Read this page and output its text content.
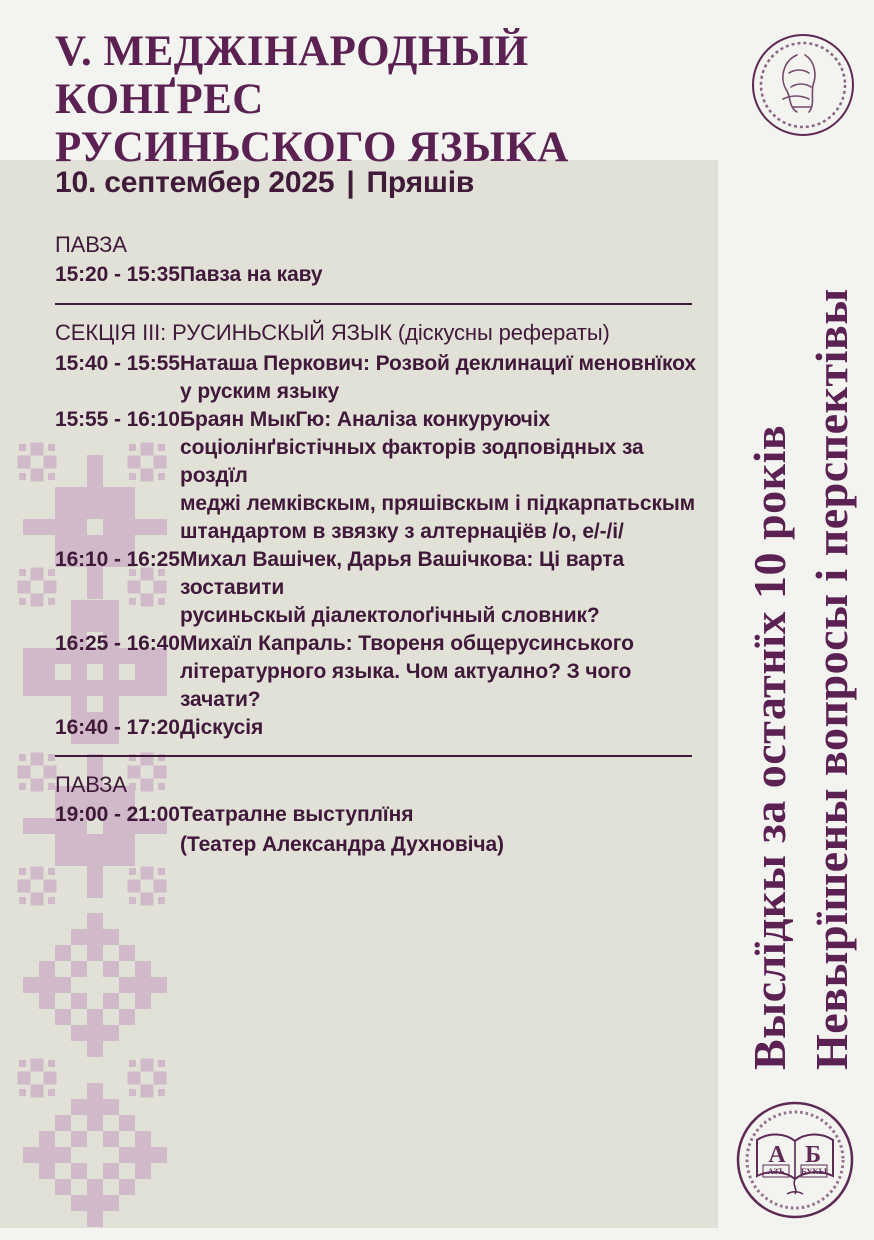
V. МЕДЖІНАРОДНЫЙ КОНҐРЕС
РУСИНЬСКОГО ЯЗЫКА
10. септембер 2025 | Пряшів
ПАВЗА
15:20 - 15:35 Павза на каву
СЕКЦІЯ III: РУСИНЬСКЫЙ ЯЗЫК (діскусны рефераты)
15:40 - 15:55 Наташа Перкович: Розвой деклинациї меновнїкох
у руским языку
15:55 - 16:10 Браян МыкГю: Аналіза конкуруючіх
соціолінґвістічных факторів зодповідных за роздїл
меджі лемківскым, пряшівскым і підкарпатьскым
штандартом в звязку з алтернаціёв /о, е/-/і/
16:10 - 16:25 Михал Вашічек, Дарья Вашічкова: Ці варта зоставити
русиньскый діалектолоґічный словник?
16:25 - 16:40 Михаїл Капраль: Твореня общерусинського
літературного языка. Чом актуално? З чого зачати?
16:40 - 17:20 Діскусія
ПАВЗА
19:00 - 21:00 Театралне выступлїня
(Театер Александра Духновіча)	Выслїдкы за остатнїх 10 років Невырїшены вопросы і перспектівы
А Б
АЗЪ БУКЫ
